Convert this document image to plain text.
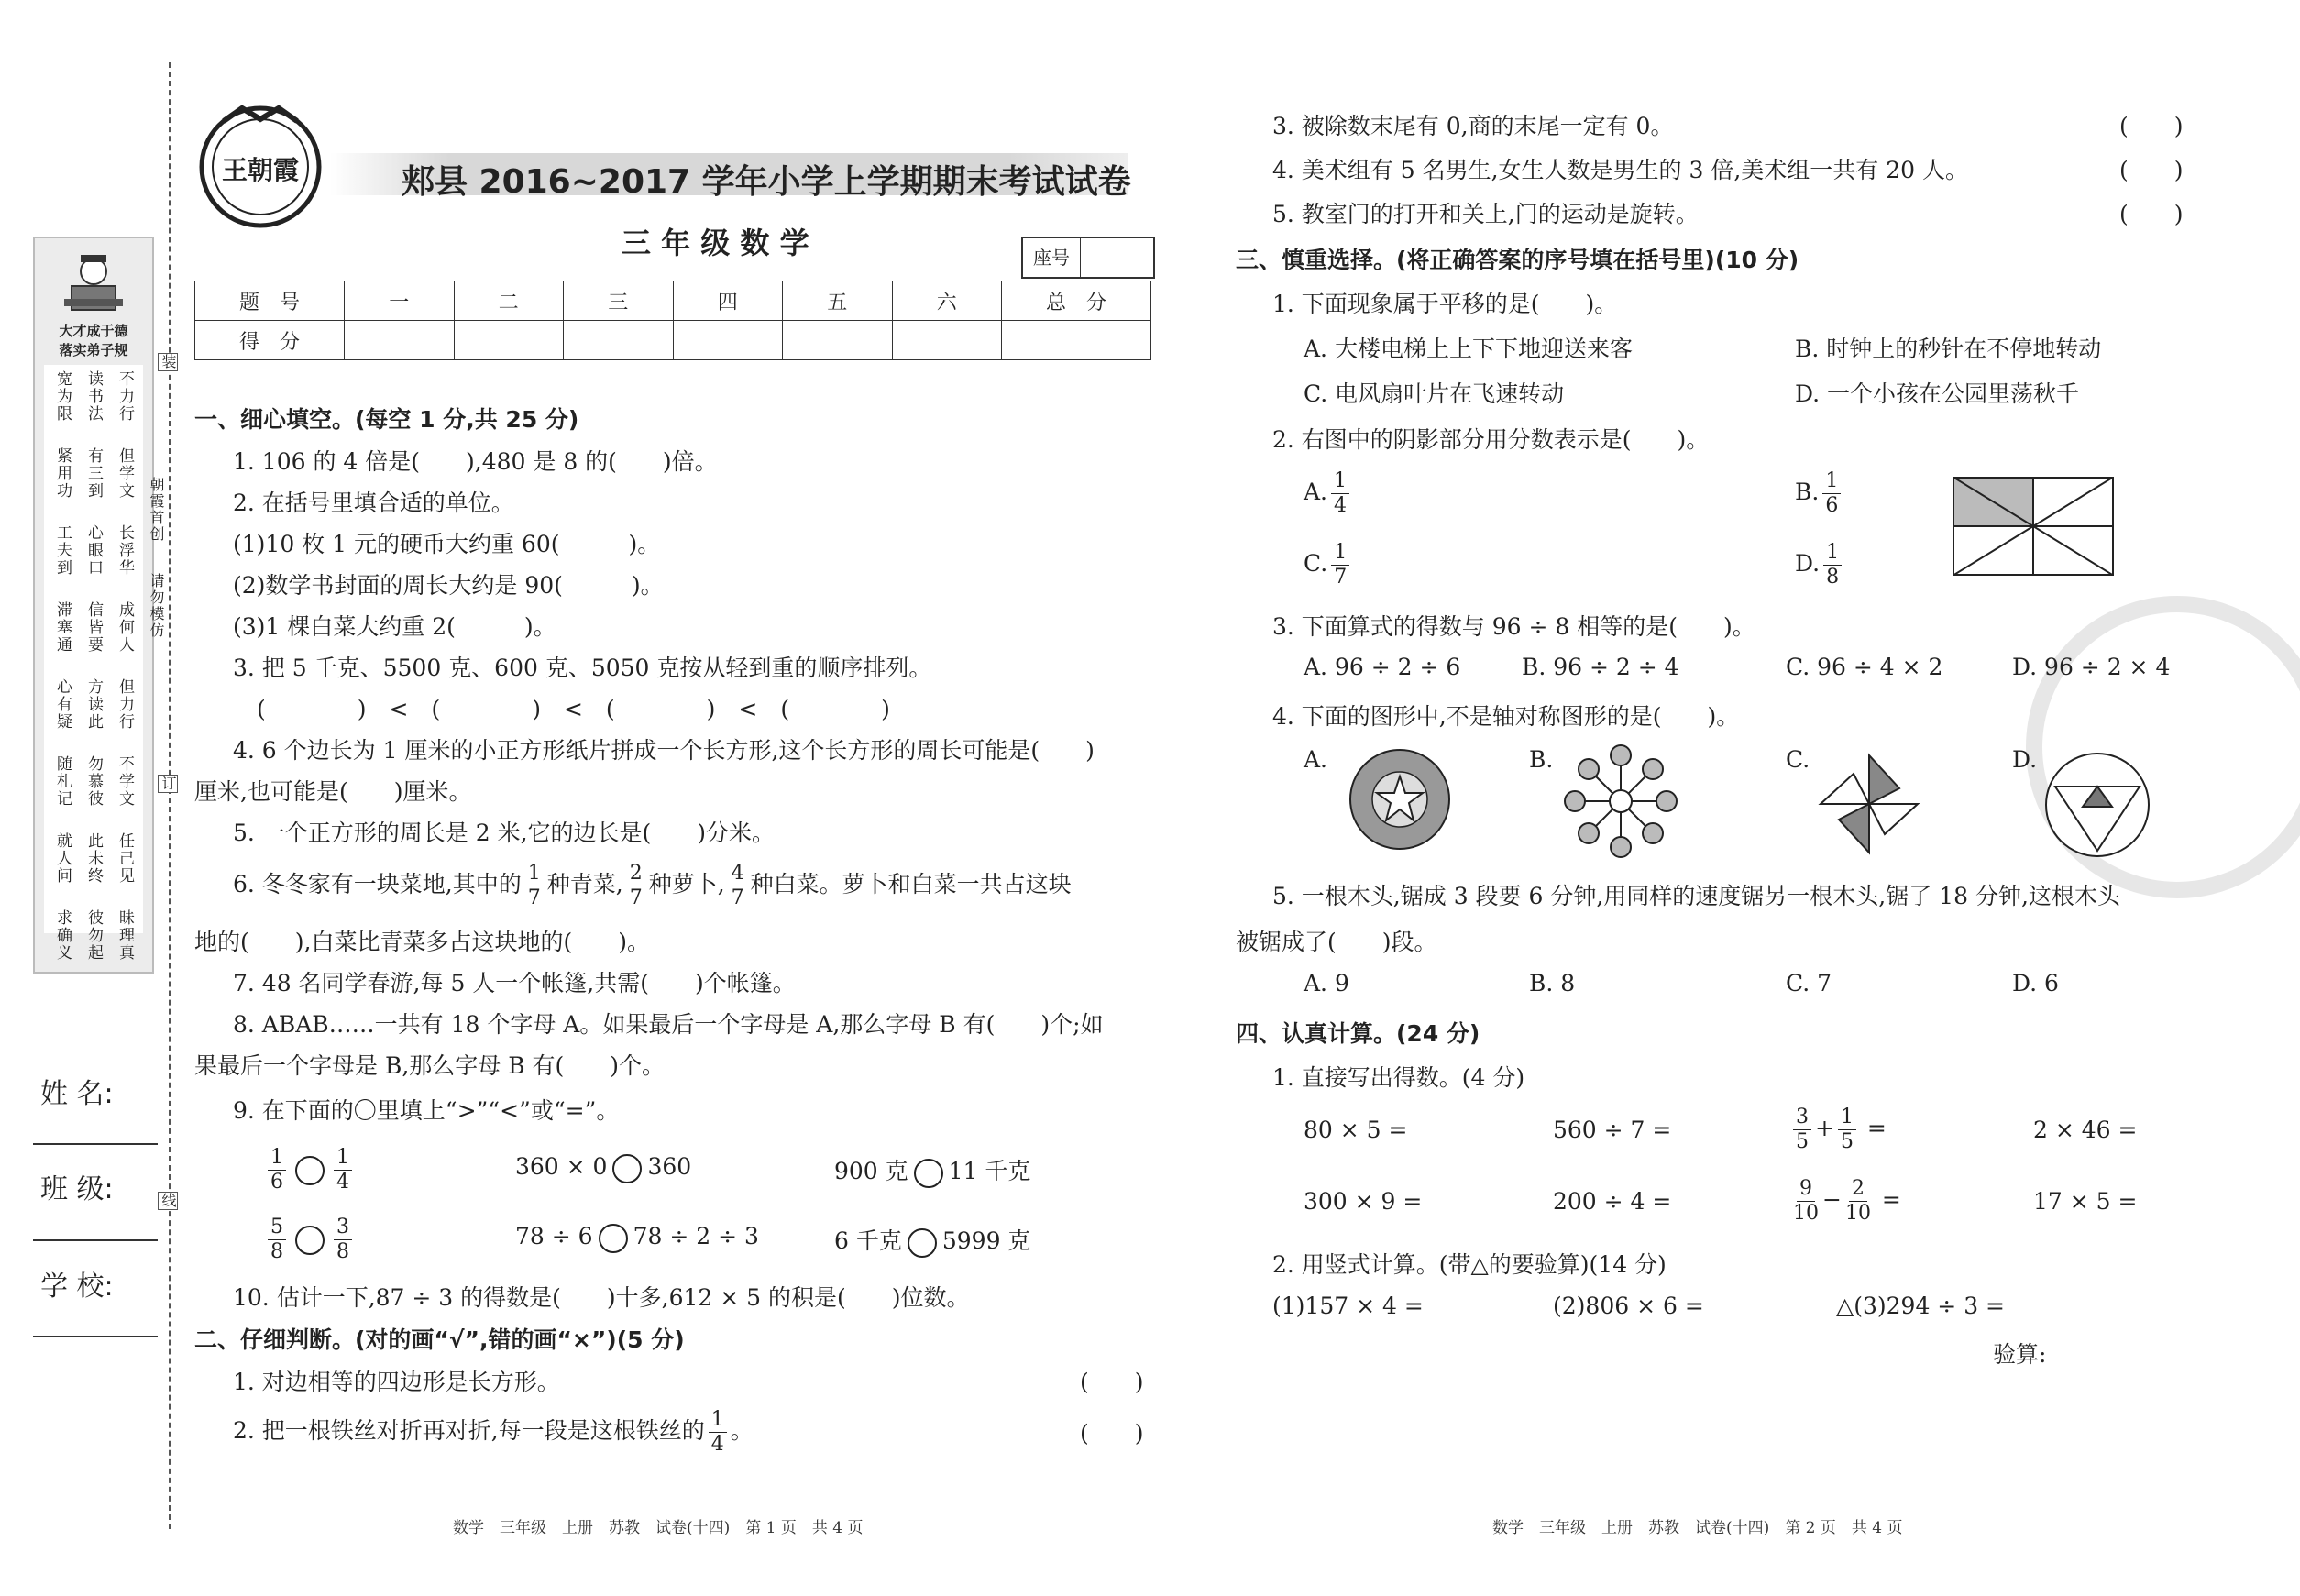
装
订
线
大才成于德
落实弟子规
宽为限 读书法 不力行
紧用功 有三到 但学文
工夫到 心眼口 长浮华
滞塞通 信皆要 成何人
心有疑 方读此 但力行
随札记 勿慕彼 不学文
就人问 此未终 任己见
求确义 彼勿起 昧理真
朝霞首创
请勿模仿
姓 名:
班 级:
学 校:
王朝霞	郏县 2016~2017 学年小学上学期期末考试试卷
三 年 级 数 学	座号
题　号	一	二	三	四	五	六	总　分
得　分							
一、细心填空。(每空 1 分,共 25 分)
1. 106 的 4 倍是(　　),480 是 8 的(　　)倍。
2. 在括号里填合适的单位。
(1)10 枚 1 元的硬币大约重 60(　　　)。
(2)数学书封面的周长大约是 90(　　　)。
(3)1 棵白菜大约重 2(　　　)。
3. 把 5 千克、5500 克、600 克、5050 克按从轻到重的顺序排列。
(　　　　)　<　(　　　　)　<　(　　　　)　<　(　　　　)
4. 6 个边长为 1 厘米的小正方形纸片拼成一个长方形,这个长方形的周长可能是(　　)
厘米,也可能是(　　)厘米。
5. 一个正方形的周长是 2 米,它的边长是(　　)分米。
6. 冬冬家有一块菜地,其中的 $\frac{1}{7}$ 种青菜, $\frac{2}{7}$ 种萝卜, $\frac{4}{7}$ 种白菜。萝卜和白菜一共占这块
地的(　　),白菜比青菜多占这块地的(　　)。
7. 48 名同学春游,每 5 人一个帐篷,共需(　　)个帐篷。
8. ABAB……一共有 18 个字母 A。如果最后一个字母是 A,那么字母 B 有(　　)个;如
果最后一个字母是 B,那么字母 B 有(　　)个。
9. 在下面的〇里填上“>”“<”或“=”。
$\frac{1}{6} \frac{1}{4}$	360 × 0 360	900 克 11 千克
$\frac{5}{8} \frac{3}{8}$	78 ÷ 6 78 ÷ 2 ÷ 3	6 千克 5999 克
10. 估计一下,87 ÷ 3 的得数是(　　)十多,612 × 5 的积是(　　)位数。
二、仔细判断。(对的画“√”,错的画“×”)(5 分)
1. 对边相等的四边形是长方形。	(　　)
2. 把一根铁丝对折再对折,每一段是这根铁丝的 $\frac{1}{4}$ 。	(　　)
数学　三年级　上册　苏教　试卷(十四)　第 1 页　共 4 页
3. 被除数末尾有 0,商的末尾一定有 0。	(　　)
4. 美术组有 5 名男生,女生人数是男生的 3 倍,美术组一共有 20 人。	(　　)
5. 教室门的打开和关上,门的运动是旋转。	(　　)
三、慎重选择。(将正确答案的序号填在括号里)(10 分)
1. 下面现象属于平移的是(　　)。
A. 大楼电梯上上下下地迎送来客	B. 时钟上的秒针在不停地转动
C. 电风扇叶片在飞速转动	D. 一个小孩在公园里荡秋千
2. 右图中的阴影部分用分数表示是(　　)。
A. $\frac{1}{4}$	B. $\frac{1}{6}$
C. $\frac{1}{7}$	D. $\frac{1}{8}$
3. 下面算式的得数与 96 ÷ 8 相等的是(　　)。
A. 96 ÷ 2 ÷ 6	B. 96 ÷ 2 ÷ 4	C. 96 ÷ 4 × 2	D. 96 ÷ 2 × 4
4. 下面的图形中,不是轴对称图形的是(　　)。
A.	B.	C.	D.
5. 一根木头,锯成 3 段要 6 分钟,用同样的速度锯另一根木头,锯了 18 分钟,这根木头
被锯成了(　　)段。
A. 9	B. 8	C. 7	D. 6
四、认真计算。(24 分)
1. 直接写出得数。(4 分)
80 × 5 =	560 ÷ 7 =	$\frac{3}{5} + \frac{1}{5}$ =	2 × 46 =
300 × 9 =	200 ÷ 4 =	$\frac{9}{10} - \frac{2}{10}$ =	17 × 5 =
2. 用竖式计算。(带△的要验算)(14 分)
(1)157 × 4 =	(2)806 × 6 =	△(3)294 ÷ 3 =
验算:
数学　三年级　上册　苏教　试卷(十四)　第 2 页　共 4 页
